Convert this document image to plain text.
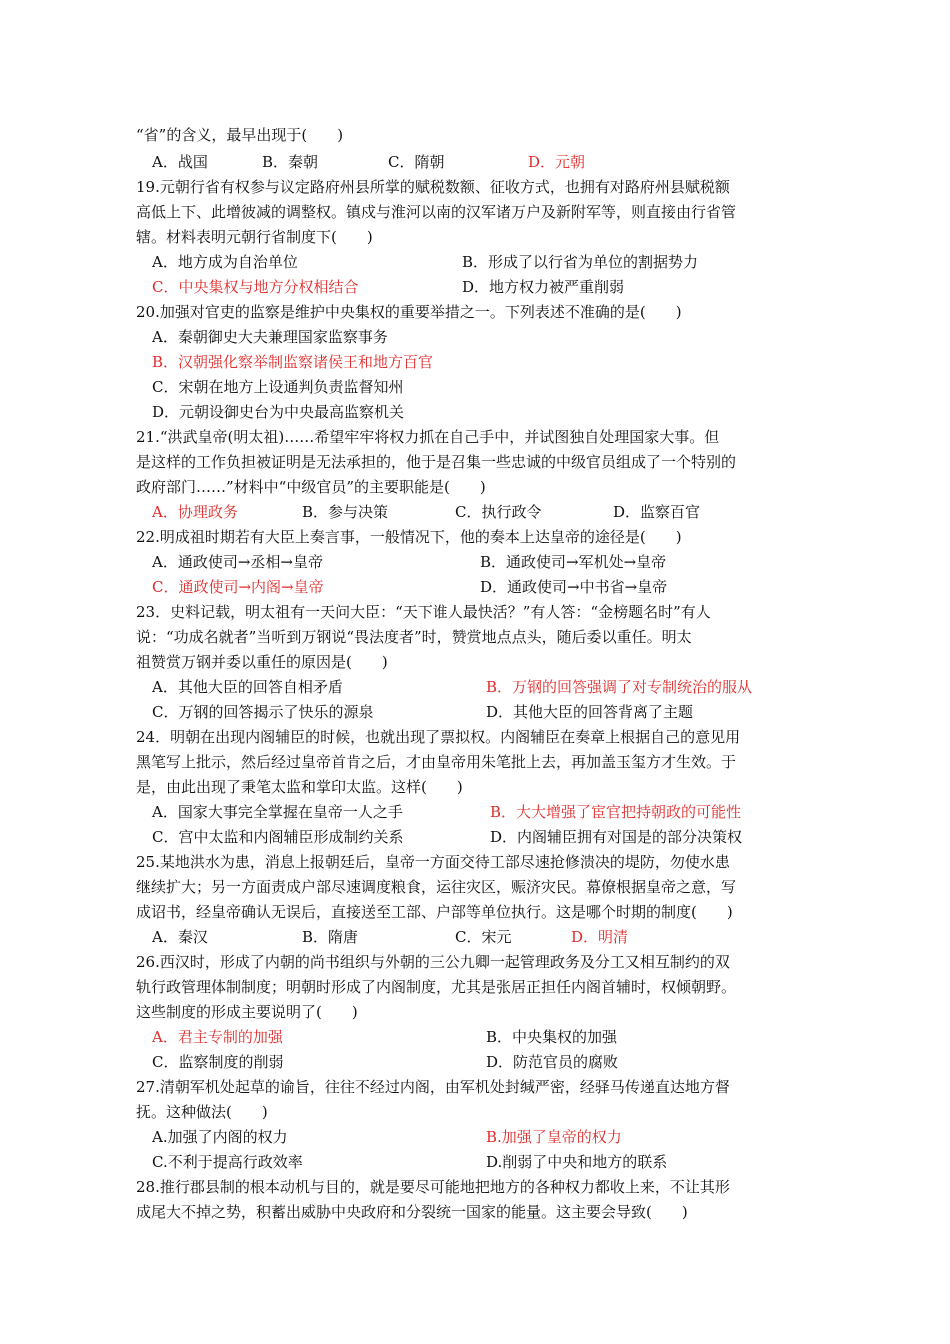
“省”的含义，最早出现于(　　)
A．战国	B．秦朝	C．隋朝	D．元朝
19.元朝行省有权参与议定路府州县所掌的赋税数额、征收方式，也拥有对路府州县赋税额
高低上下、此增彼减的调整权。镇戍与淮河以南的汉军诸万户及新附军等，则直接由行省管
辖。材料表明元朝行省制度下(　　)
A．地方成为自治单位	B．形成了以行省为单位的割据势力
C．中央集权与地方分权相结合	D．地方权力被严重削弱
20.加强对官吏的监察是维护中央集权的重要举措之一。下列表述不准确的是(　　)
A．秦朝御史大夫兼理国家监察事务
B．汉朝强化察举制监察诸侯王和地方百官
C．宋朝在地方上设通判负责监督知州
D．元朝设御史台为中央最高监察机关
21.“洪武皇帝(明太祖)……希望牢牢将权力抓在自己手中，并试图独自处理国家大事。但
是这样的工作负担被证明是无法承担的，他于是召集一些忠诚的中级官员组成了一个特别的
政府部门……”材料中“中级官员”的主要职能是(　　)
A．协理政务	B．参与决策	C．执行政令	D．监察百官
22.明成祖时期若有大臣上奏言事，一般情况下，他的奏本上达皇帝的途径是(　　)
A．通政使司→丞相→皇帝	B．通政使司→军机处→皇帝
C．通政使司→内阁→皇帝	D．通政使司→中书省→皇帝
23．史料记载，明太祖有一天问大臣：“天下谁人最快活？”有人答：“金榜题名时”有人
说：“功成名就者”当听到万钢说“畏法度者”时，赞赏地点点头，随后委以重任。明太
祖赞赏万钢并委以重任的原因是(　　)
A．其他大臣的回答自相矛盾	B．万钢的回答强调了对专制统治的服从
C．万钢的回答揭示了快乐的源泉	D．其他大臣的回答背离了主题
24．明朝在出现内阁辅臣的时候，也就出现了票拟权。内阁辅臣在奏章上根据自己的意见用
黑笔写上批示，然后经过皇帝首肯之后，才由皇帝用朱笔批上去，再加盖玉玺方才生效。于
是，由此出现了秉笔太监和掌印太监。这样(　　)
A．国家大事完全掌握在皇帝一人之手	B．大大增强了宦官把持朝政的可能性
C．宫中太监和内阁辅臣形成制约关系	D．内阁辅臣拥有对国是的部分决策权
25.某地洪水为患，消息上报朝廷后，皇帝一方面交待工部尽速抢修溃决的堤防，勿使水患
继续扩大；另一方面责成户部尽速调度粮食，运往灾区，赈济灾民。幕僚根据皇帝之意，写
成诏书，经皇帝确认无误后，直接送至工部、户部等单位执行。这是哪个时期的制度(　　)
A．秦汉	B．隋唐	C．宋元	D．明清
26.西汉时，形成了内朝的尚书组织与外朝的三公九卿一起管理政务及分工又相互制约的双
轨行政管理体制制度；明朝时形成了内阁制度，尤其是张居正担任内阁首辅时，权倾朝野。
这些制度的形成主要说明了(　　)
A．君主专制的加强	B．中央集权的加强
C．监察制度的削弱	D．防范官员的腐败
27.清朝军机处起草的谕旨，往往不经过内阁，由军机处封缄严密，经驿马传递直达地方督
抚。这种做法(　　)
A.加强了内阁的权力	B.加强了皇帝的权力
C.不利于提高行政效率	D.削弱了中央和地方的联系
28.推行郡县制的根本动机与目的，就是要尽可能地把地方的各种权力都收上来，不让其形
成尾大不掉之势，积蓄出威胁中央政府和分裂统一国家的能量。这主要会导致(　　)
